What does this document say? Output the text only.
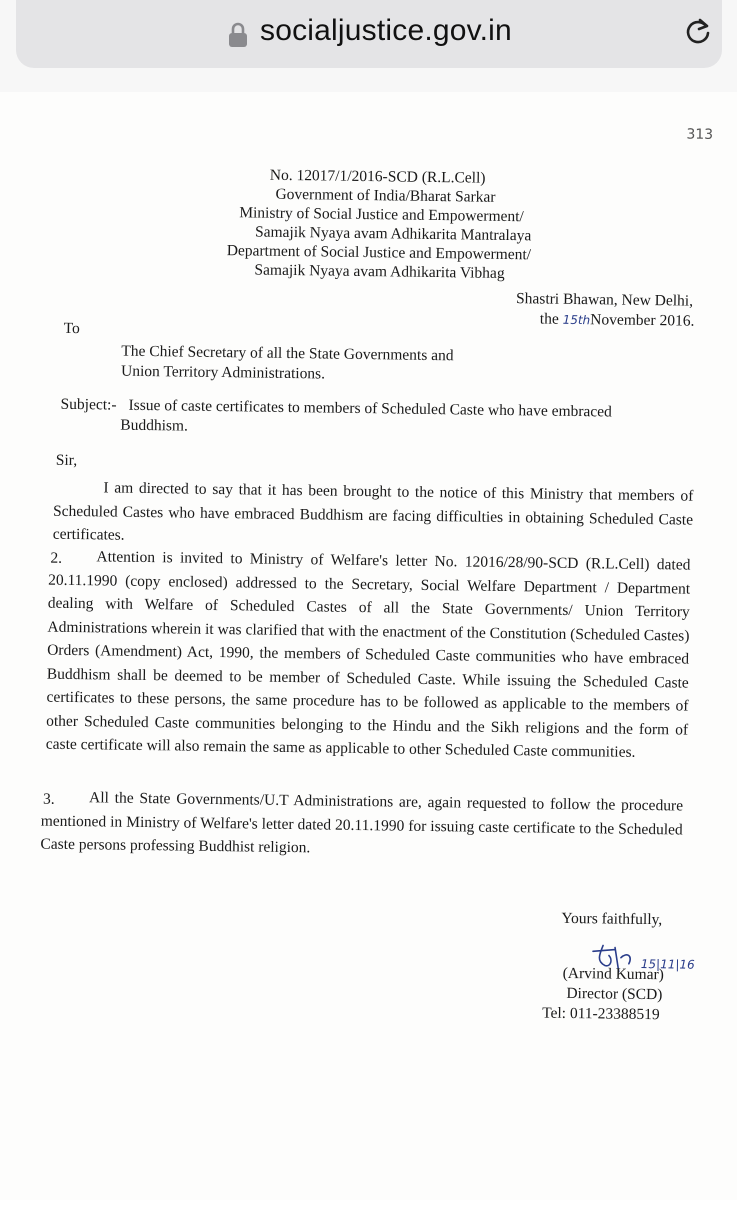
socialjustice.gov.in
313
No. 12017/1/2016-SCD (R.L.Cell)
Government of India/Bharat Sarkar
Ministry of Social Justice and Empowerment/
Samajik Nyaya avam Adhikarita Mantralaya
Department of Social Justice and Empowerment/
Samajik Nyaya avam Adhikarita Vibhag
Shastri Bhawan, New Delhi,
the 15thNovember 2016.
To
The Chief Secretary of all the State Governments and
Union Territory Administrations.
Subject:- Issue of caste certificates to members of Scheduled Caste who have embraced
Buddhism.
Sir,
I am directed to say that it has been brought to the notice of this Ministry that members of Scheduled Castes who have embraced Buddhism are facing difficulties in obtaining Scheduled Caste certificates.
2.	Attention is invited to Ministry of Welfare's letter No. 12016/28/90-SCD (R.L.Cell) dated 20.11.1990 (copy enclosed) addressed to the Secretary, Social Welfare Department / Department dealing with Welfare of Scheduled Castes of all the State Governments/ Union Territory Administrations wherein it was clarified that with the enactment of the Constitution (Scheduled Castes) Orders (Amendment) Act, 1990, the members of Scheduled Caste communities who have embraced Buddhism shall be deemed to be member of Scheduled Caste. While issuing the Scheduled Caste certificates to these persons, the same procedure has to be followed as applicable to the members of other Scheduled Caste communities belonging to the Hindu and the Sikh religions and the form of caste certificate will also remain the same as applicable to other Scheduled Caste communities.
3.	All the State Governments/U.T Administrations are, again requested to follow the procedure mentioned in Ministry of Welfare's letter dated 20.11.1990 for issuing caste certificate to the Scheduled Caste persons professing Buddhist religion.
Yours faithfully,
15|11|16
(Arvind Kumar)
Director (SCD)
Tel: 011-23388519
